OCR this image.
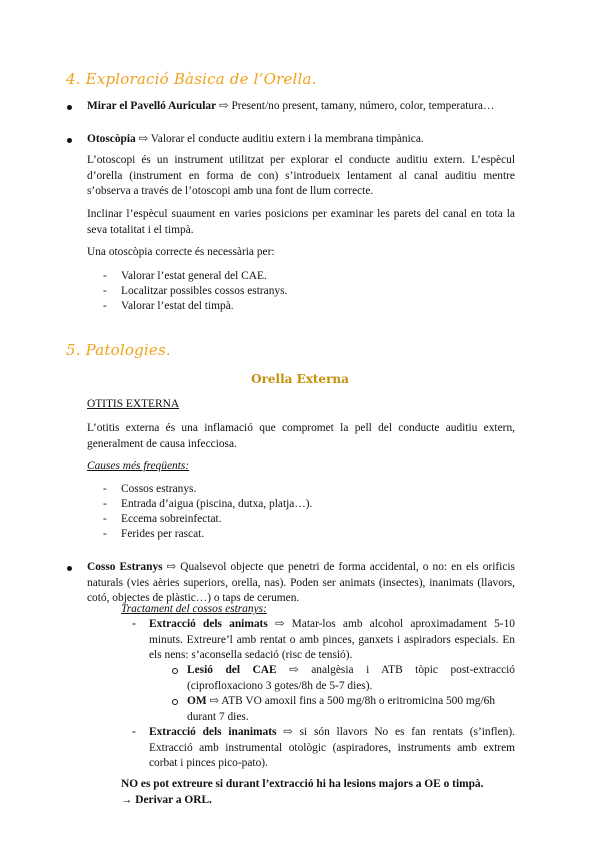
4. Exploració Bàsica de l’Orella.
Mirar el Pavelló Auricular ⇨ Present/no present, tamany, número, color, temperatura…
Otoscòpia ⇨ Valorar el conducte auditiu extern i la membrana timpànica.

L’otoscopi és un instrument utilitzat per explorar el conducte auditiu extern. L’espècul d’orella (instrument en forma de con) s’introdueix lentament al canal auditiu mentre s’observa a través de l’otoscopi amb una font de llum correcte.

Inclinar l’espècul suaument en varies posicions per examinar les parets del canal en tota la seva totalitat i el timpà.

Una otoscòpia correcte és necessària per:

- Valorar l’estat general del CAE.
- Localitzar possibles cossos estranys.
- Valorar l’estat del timpà.
5. Patologies.
Orella Externa
OTITIS EXTERNA

L’otitis externa és una inflamació que compromet la pell del conducte auditiu extern, generalment de causa infecciosa.

Causes més freqüents:
- Cossos estranys.
- Entrada d’aigua (piscina, dutxa, platja…).
- Eccema sobreinfectat.
- Ferides per rascat.

Cosso Estranys ⇨ Qualsevol objecte que penetri de forma accidental, o no: en els orificis naturals (vies aèries superiors, orella, nas). Poden ser animats (insectes), inanimats (llavors, cotó, objectes de plàstic…) o taps de cerumen.

Tractament del cossos estranys:
- Extracció dels animats ⇨ Matar-los amb alcohol aproximadament 5-10 minuts. Extreure’l amb rentat o amb pinces, ganxets i aspiradors especials. En els nens: s’aconsella sedació (risc de tensió).

Lesió del CAE ⇨ analgèsia i ATB tòpic post-extracció (ciprofloxaciono 3 gotes/8h de 5-7 dies).

OM ⇨ ATB VO amoxil fins a 500 mg/8h o eritromicina 500 mg/6h durant 7 dies.

- Extracció dels inanimats ⇨ si són llavors No es fan rentats (s’inflen). Extracció amb instrumental otològic (aspiradores, instruments amb extrem corbat i pinces pico-pato).

NO es pot extreure si durant l’extracció hi ha lesions majors a OE o timpà.

→ Derivar a ORL.
